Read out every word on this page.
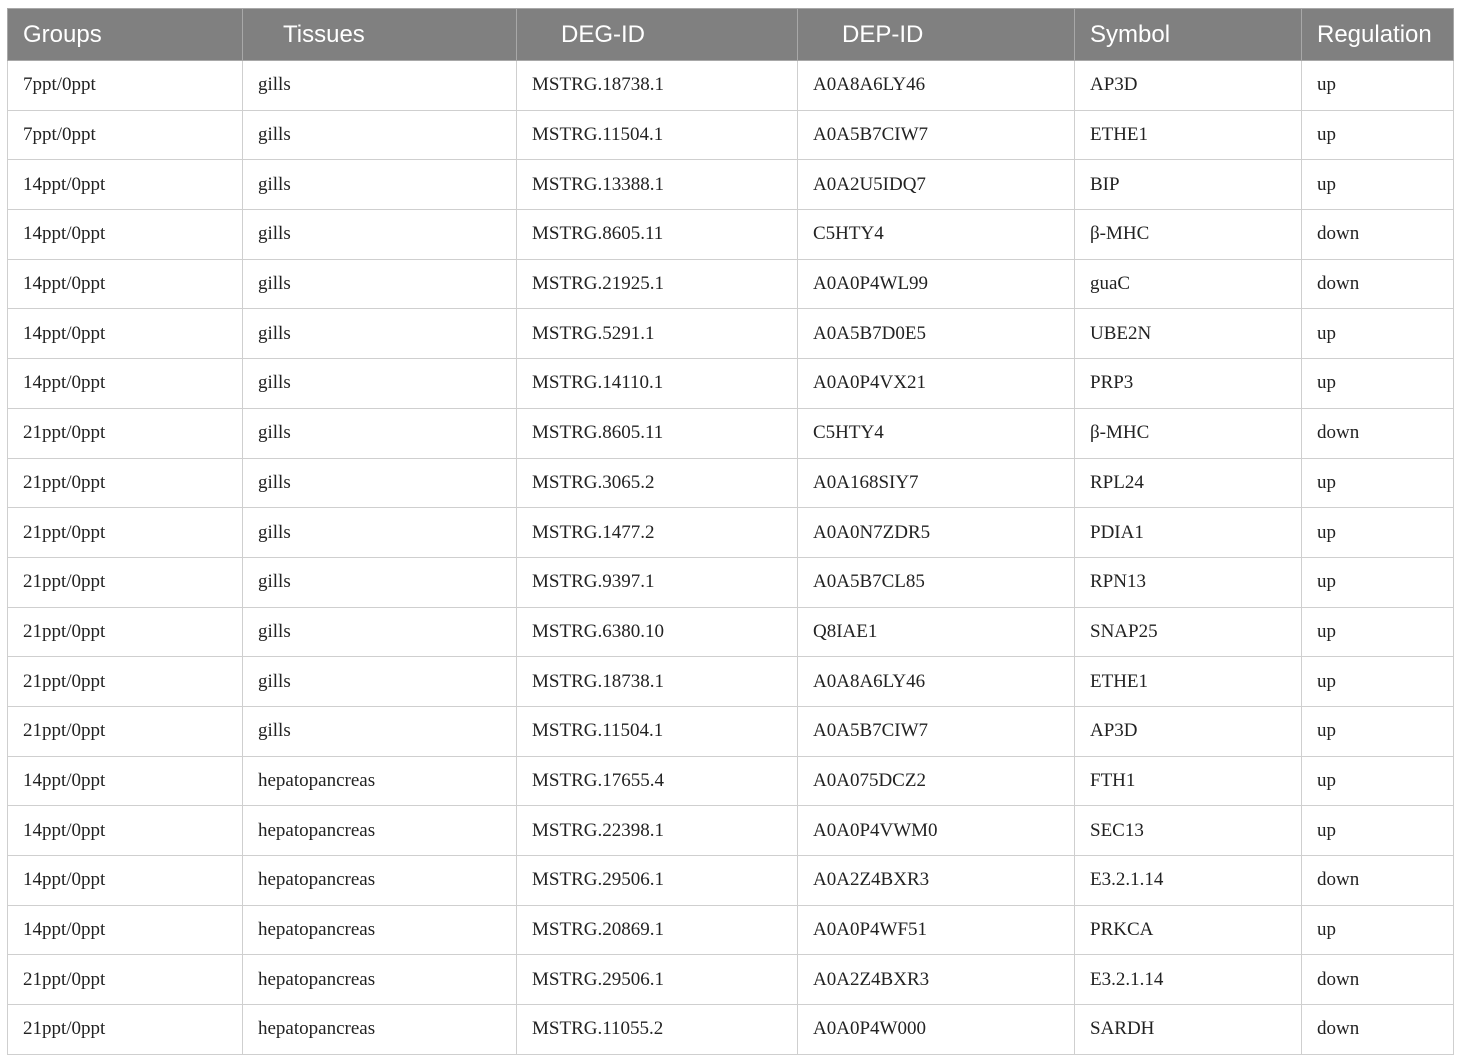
Groups	Tissues	DEG-ID	DEP-ID	Symbol	Regulation
7ppt/0ppt	gills	MSTRG.18738.1	A0A8A6LY46	AP3D	up
7ppt/0ppt	gills	MSTRG.11504.1	A0A5B7CIW7	ETHE1	up
14ppt/0ppt	gills	MSTRG.13388.1	A0A2U5IDQ7	BIP	up
14ppt/0ppt	gills	MSTRG.8605.11	C5HTY4	β-MHC	down
14ppt/0ppt	gills	MSTRG.21925.1	A0A0P4WL99	guaC	down
14ppt/0ppt	gills	MSTRG.5291.1	A0A5B7D0E5	UBE2N	up
14ppt/0ppt	gills	MSTRG.14110.1	A0A0P4VX21	PRP3	up
21ppt/0ppt	gills	MSTRG.8605.11	C5HTY4	β-MHC	down
21ppt/0ppt	gills	MSTRG.3065.2	A0A168SIY7	RPL24	up
21ppt/0ppt	gills	MSTRG.1477.2	A0A0N7ZDR5	PDIA1	up
21ppt/0ppt	gills	MSTRG.9397.1	A0A5B7CL85	RPN13	up
21ppt/0ppt	gills	MSTRG.6380.10	Q8IAE1	SNAP25	up
21ppt/0ppt	gills	MSTRG.18738.1	A0A8A6LY46	ETHE1	up
21ppt/0ppt	gills	MSTRG.11504.1	A0A5B7CIW7	AP3D	up
14ppt/0ppt	hepatopancreas	MSTRG.17655.4	A0A075DCZ2	FTH1	up
14ppt/0ppt	hepatopancreas	MSTRG.22398.1	A0A0P4VWM0	SEC13	up
14ppt/0ppt	hepatopancreas	MSTRG.29506.1	A0A2Z4BXR3	E3.2.1.14	down
14ppt/0ppt	hepatopancreas	MSTRG.20869.1	A0A0P4WF51	PRKCA	up
21ppt/0ppt	hepatopancreas	MSTRG.29506.1	A0A2Z4BXR3	E3.2.1.14	down
21ppt/0ppt	hepatopancreas	MSTRG.11055.2	A0A0P4W000	SARDH	down
